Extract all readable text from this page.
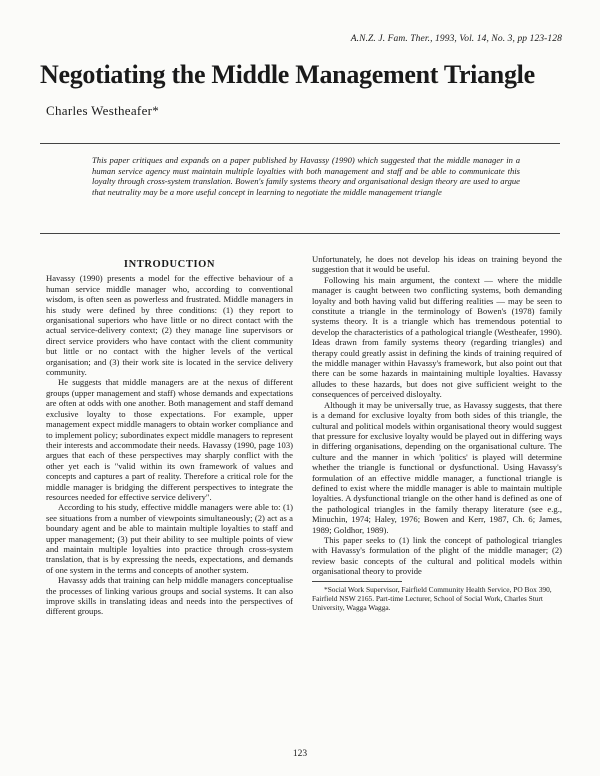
A.N.Z. J. Fam. Ther., 1993, Vol. 14, No. 3, pp 123-128
Negotiating the Middle Management Triangle
Charles Westheafer*

This paper critiques and expands on a paper published by Havassy (1990) which suggested that the middle manager in a human service agency must maintain multiple loyalties with both management and staff and be able to communicate this loyalty through cross-system translation. Bowen's family systems theory and organisational design theory are used to argue that neutrality may be a more useful concept in learning to negotiate the middle management triangle

INTRODUCTION

Havassy (1990) presents a model for the effective behaviour of a human service middle manager who, according to conventional wisdom, is often seen as powerless and frustrated. Middle managers in his study were defined by three conditions: (1) they report to organisational superiors who have little or no direct contact with the actual service-delivery context; (2) they manage line supervisors or direct service providers who have contact with the client community but little or no contact with the higher levels of the vertical organisation; and (3) their work site is located in the service delivery community.

He suggests that middle managers are at the nexus of different groups (upper management and staff) whose demands and expectations are often at odds with one another. Both management and staff demand exclusive loyalty to those expectations. For example, upper management expect middle managers to obtain worker compliance and to implement policy; subordinates expect middle managers to represent their interests and accommodate their needs. Havassy (1990, page 103) argues that each of these perspectives may sharply conflict with the other yet each is "valid within its own framework of values and concepts and captures a part of reality. Therefore a critical role for the middle manager is bridging the different perspectives to integrate the resources needed for effective service delivery".

According to his study, effective middle managers were able to: (1) see situations from a number of viewpoints simultaneously; (2) act as a boundary agent and be able to maintain multiple loyalties to staff and upper management; (3) put their ability to see multiple points of view and maintain multiple loyalties into practice through cross-system translation, that is by expressing the needs, expectations, and demands of one system in the terms and concepts of another system.

Havassy adds that training can help middle managers conceptualise the processes of linking various groups and social systems. It can also improve skills in translating ideas and needs into the perspectives of different groups.

Unfortunately, he does not develop his ideas on training beyond the suggestion that it would be useful.

Following his main argument, the context — where the middle manager is caught between two conflicting systems, both demanding loyalty and both having valid but differing realities — may be seen to constitute a triangle in the terminology of Bowen's (1978) family systems theory. It is a triangle which has tremendous potential to develop the characteristics of a pathological triangle (Westheafer, 1990). Ideas drawn from family systems theory (regarding triangles) and therapy could greatly assist in defining the kinds of training required of the middle manager within Havassy's framework, but also point out that there can be some hazards in maintaining multiple loyalties. Havassy alludes to these hazards, but does not give sufficient weight to the consequences of perceived disloyalty.

Although it may be universally true, as Havassy suggests, that there is a demand for exclusive loyalty from both sides of this triangle, the cultural and political models within organisational theory would suggest that pressure for exclusive loyalty would be played out in differing ways in differing organisations, depending on the organisational culture. The culture and the manner in which 'politics' is played will determine whether the triangle is functional or dysfunctional. Using Havassy's formulation of an effective middle manager, a functional triangle is defined to exist where the middle manager is able to maintain multiple loyalties. A dysfunctional triangle on the other hand is defined as one of the pathological triangles in the family therapy literature (see e.g., Minuchin, 1974; Haley, 1976; Bowen and Kerr, 1987, Ch. 6; James, 1989; Goldhor, 1989).

This paper seeks to (1) link the concept of pathological triangles with Havassy's formulation of the plight of the middle manager; (2) review basic concepts of the cultural and political models within organisational theory to provide

*Social Work Supervisor, Fairfield Community Health Service, PO Box 390, Fairfield NSW 2165. Part-time Lecturer, School of Social Work, Charles Sturt University, Wagga Wagga.

123
